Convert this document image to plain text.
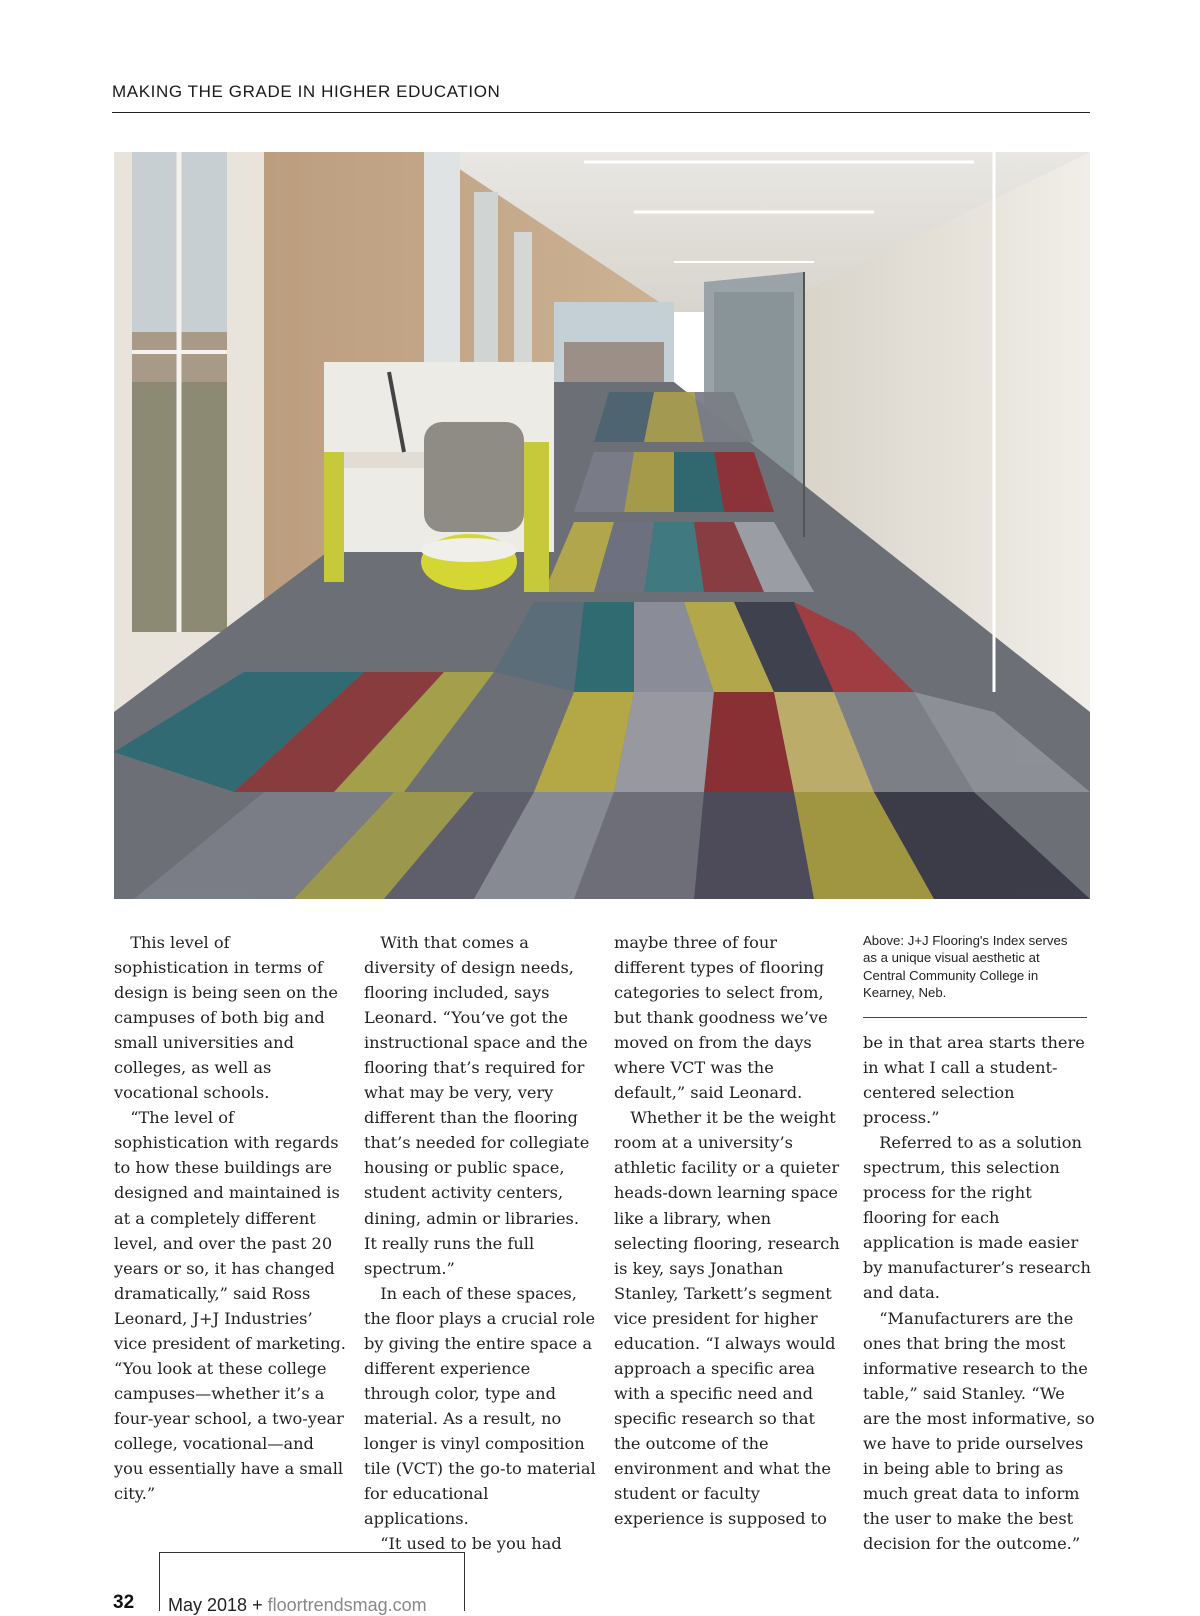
MAKING THE GRADE IN HIGHER EDUCATION

This level of sophistication in terms of design is being seen on the campuses of both big and small universities and colleges, as well as vocational schools.

“The level of sophistication with regards to how these buildings are designed and maintained is at a completely different level, and over the past 20 years or so, it has changed dramatically,” said Ross Leonard, J+J Industries’ vice president of marketing. “You look at these college campuses—whether it’s a four-year school, a two-year college, vocational—and you essentially have a small city.”

With that comes a diversity of design needs, flooring included, says Leonard. “You’ve got the instructional space and the flooring that’s required for what may be very, very different than the flooring that’s needed for collegiate housing or public space, student activity centers, dining, admin or libraries. It really runs the full spectrum.”

In each of these spaces, the floor plays a crucial role by giving the entire space a different experience through color, type and material. As a result, no longer is vinyl composition tile (VCT) the go-to material for educational applications.

“It used to be you had

maybe three of four different types of flooring categories to select from, but thank goodness we’ve moved on from the days where VCT was the default,” said Leonard.

Whether it be the weight room at a university’s athletic facility or a quieter heads-down learning space like a library, when selecting flooring, research is key, says Jonathan Stanley, Tarkett’s segment vice president for higher education. “I always would approach a specific area with a specific need and specific research so that the outcome of the environment and what the student or faculty experience is supposed to

Above: J+J Flooring's Index serves as a unique visual aesthetic at Central Community College in Kearney, Neb.

be in that area starts there in what I call a student-centered selection process.”

Referred to as a solution spectrum, this selection process for the right flooring for each application is made easier by manufacturer’s research and data.

“Manufacturers are the ones that bring the most informative research to the table,” said Stanley. “We are the most informative, so we have to pride ourselves in being able to bring as much great data to inform the user to make the best decision for the outcome.”

32 May 2018 + floortrendsmag.com
